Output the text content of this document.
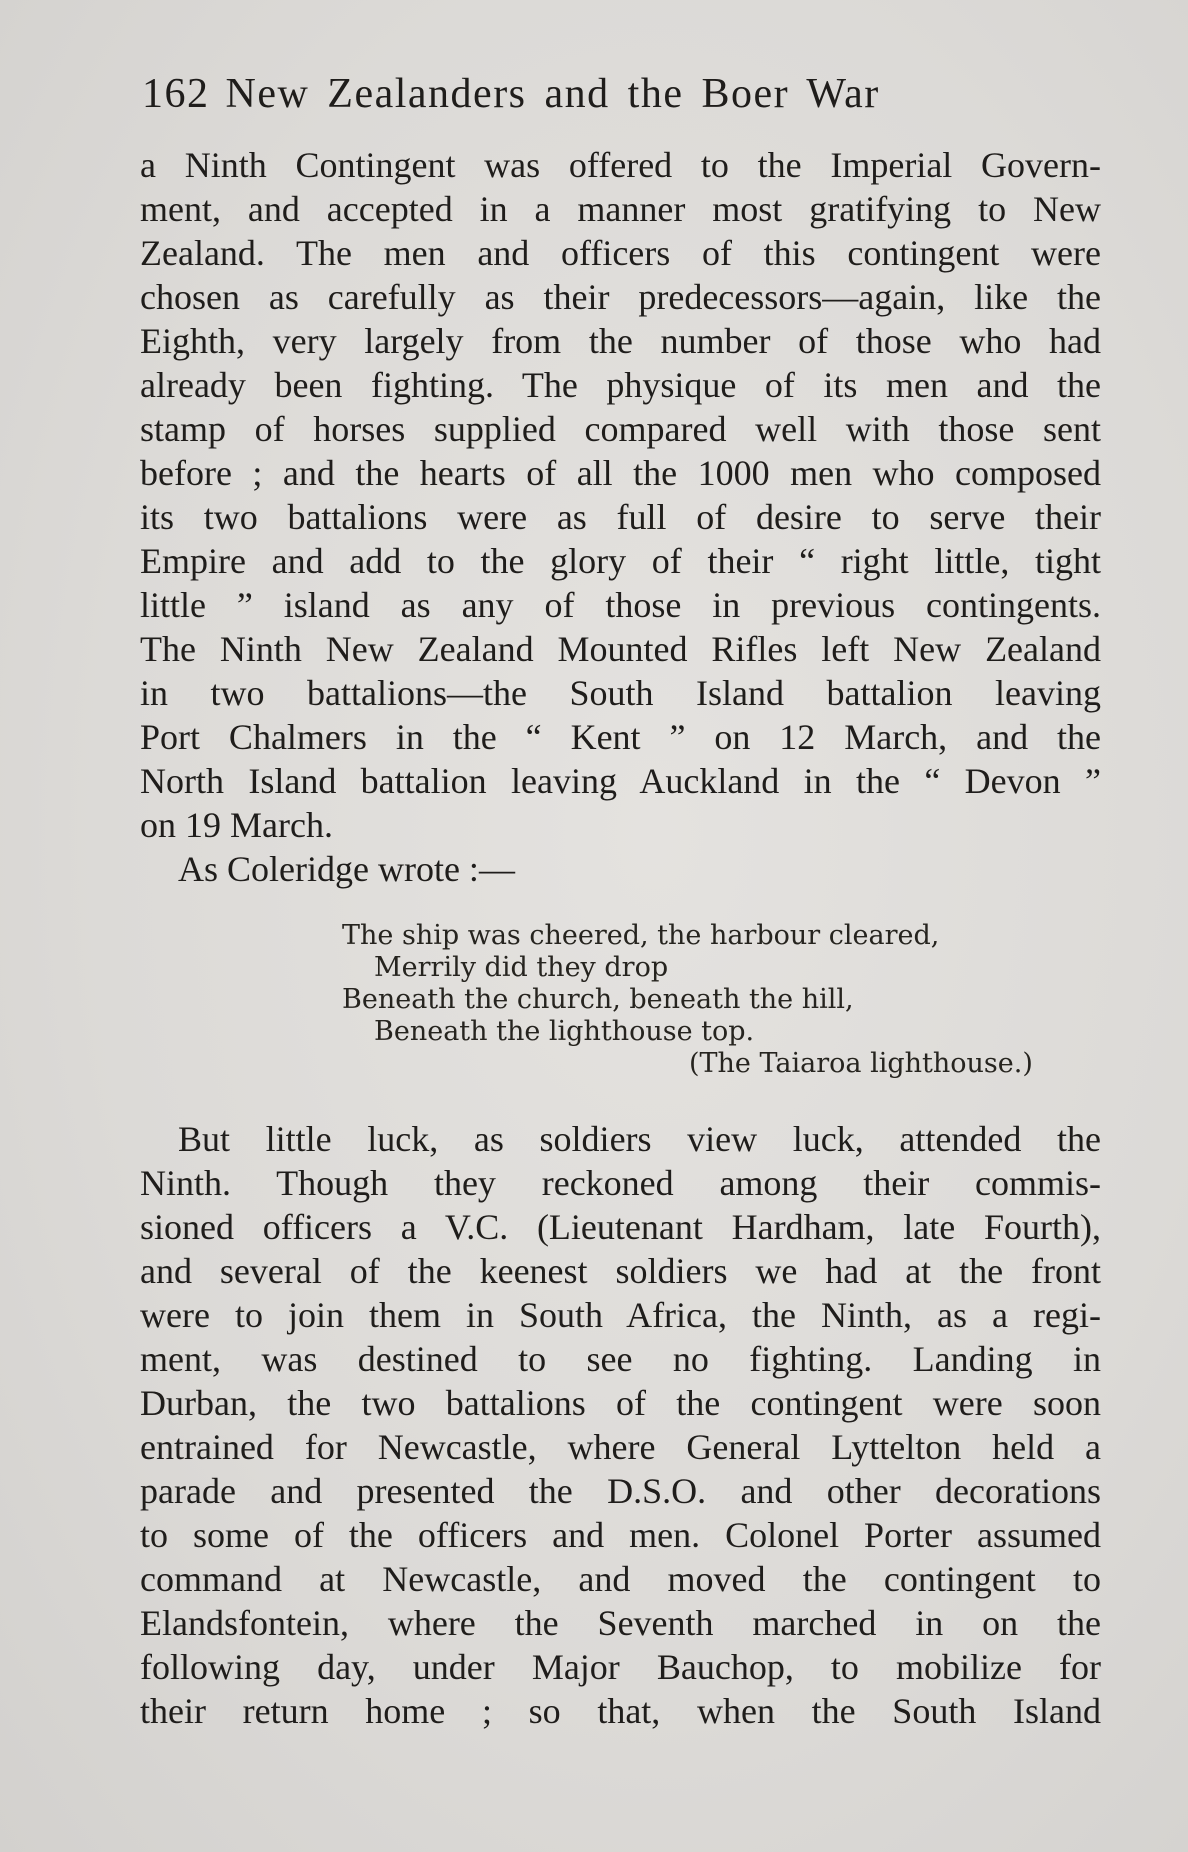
162 New Zealanders and the Boer War
a Ninth Contingent was offered to the Imperial Govern-
ment, and accepted in a manner most gratifying to New
Zealand. The men and officers of this contingent were
chosen as carefully as their predecessors—again, like the
Eighth, very largely from the number of those who had
already been fighting. The physique of its men and the
stamp of horses supplied compared well with those sent
before ; and the hearts of all the 1000 men who composed
its two battalions were as full of desire to serve their
Empire and add to the glory of their “ right little, tight
little ” island as any of those in previous contingents.
The Ninth New Zealand Mounted Rifles left New Zealand
in two battalions—the South Island battalion leaving
Port Chalmers in the “ Kent ” on 12 March, and the
North Island battalion leaving Auckland in the “ Devon ”
on 19 March.
As Coleridge wrote :—
The ship was cheered, the harbour cleared,
Merrily did they drop
Beneath the church, beneath the hill,
Beneath the lighthouse top.
(The Taiaroa lighthouse.)
But little luck, as soldiers view luck, attended the
Ninth. Though they reckoned among their commis-
sioned officers a V.C. (Lieutenant Hardham, late Fourth),
and several of the keenest soldiers we had at the front
were to join them in South Africa, the Ninth, as a regi-
ment, was destined to see no fighting. Landing in
Durban, the two battalions of the contingent were soon
entrained for Newcastle, where General Lyttelton held a
parade and presented the D.S.O. and other decorations
to some of the officers and men. Colonel Porter assumed
command at Newcastle, and moved the contingent to
Elandsfontein, where the Seventh marched in on the
following day, under Major Bauchop, to mobilize for
their return home ; so that, when the South Island
